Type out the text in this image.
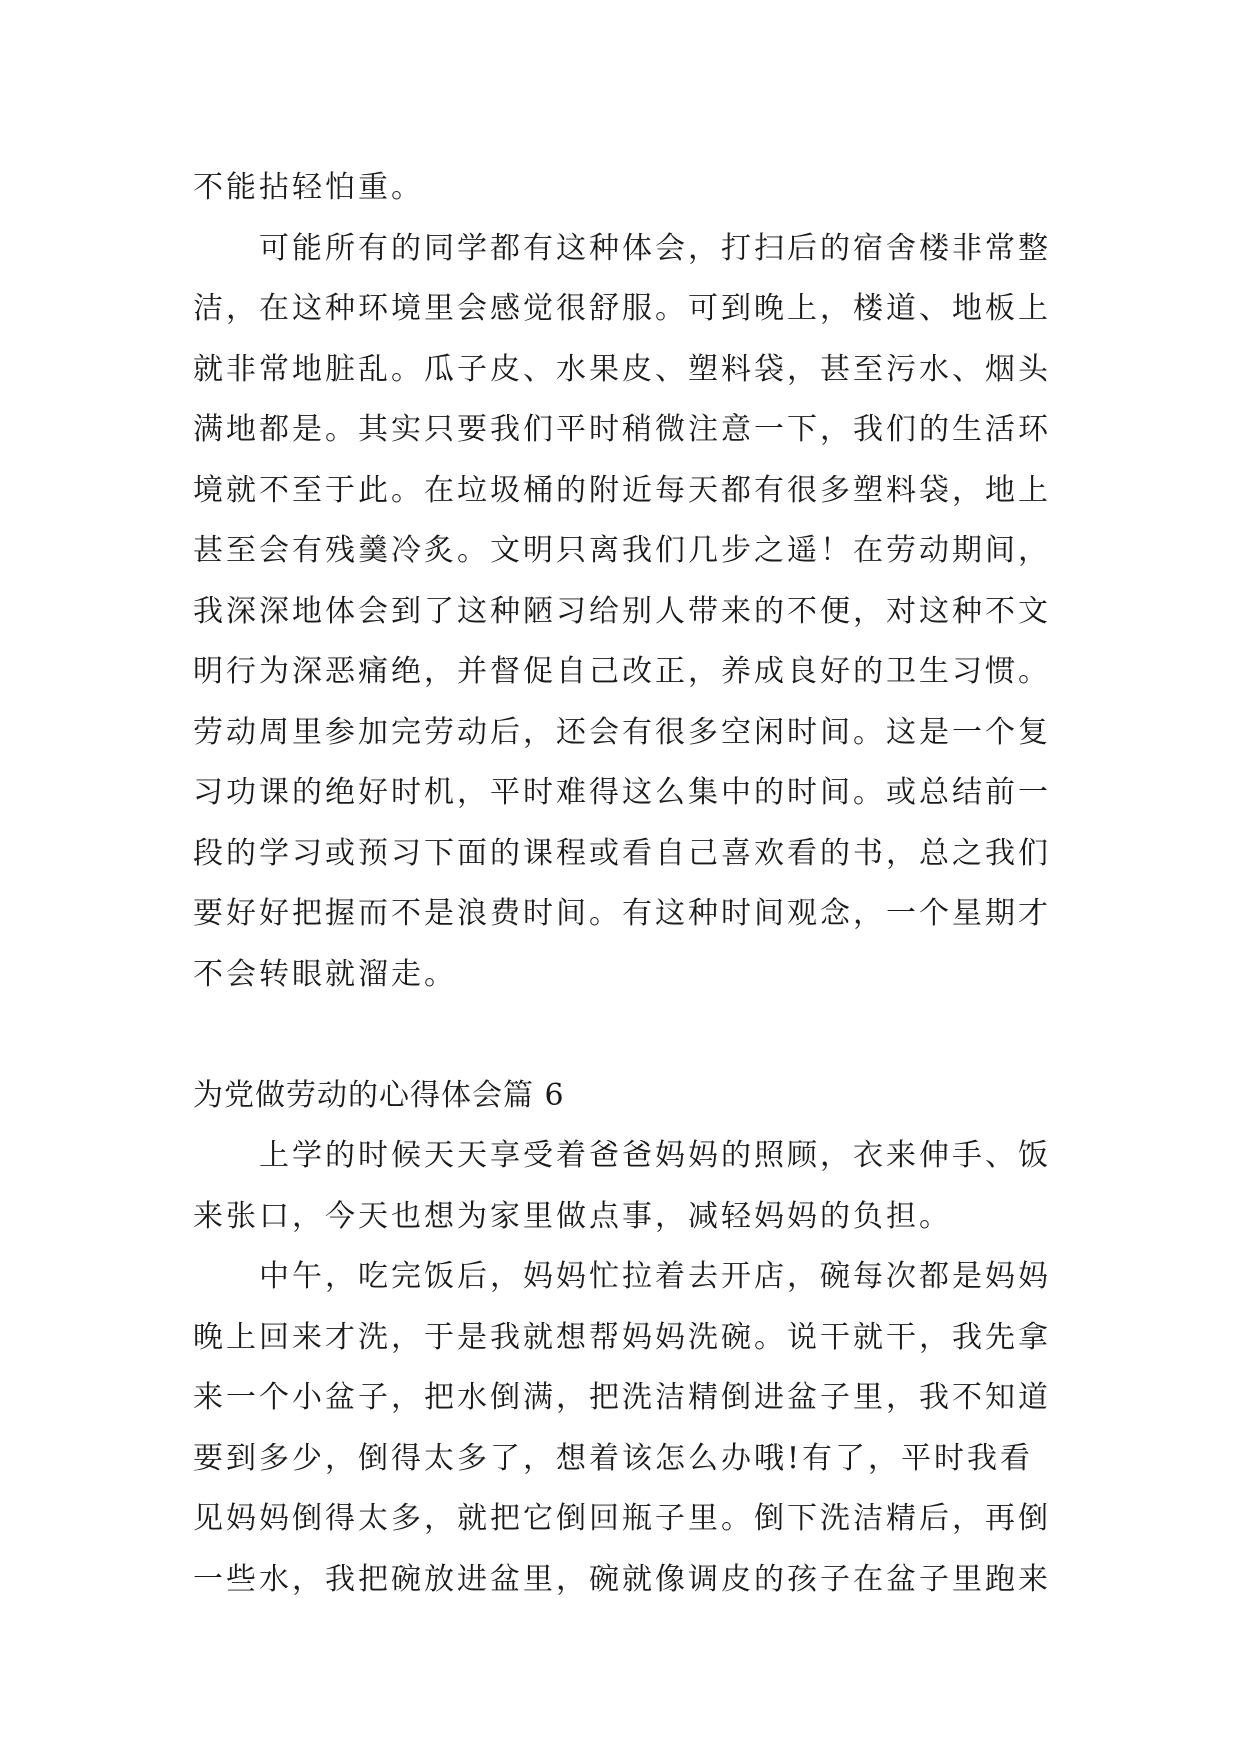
不能拈轻怕重。
　　可能所有的同学都有这种体会，打扫后的宿舍楼非常整
洁，在这种环境里会感觉很舒服。可到晚上，楼道、地板上
就非常地脏乱。瓜子皮、水果皮、塑料袋，甚至污水、烟头
满地都是。其实只要我们平时稍微注意一下，我们的生活环
境就不至于此。在垃圾桶的附近每天都有很多塑料袋，地上
甚至会有残羹冷炙。文明只离我们几步之遥！在劳动期间，
我深深地体会到了这种陋习给别人带来的不便，对这种不文
明行为深恶痛绝，并督促自己改正，养成良好的卫生习惯。
劳动周里参加完劳动后，还会有很多空闲时间。这是一个复
习功课的绝好时机，平时难得这么集中的时间。或总结前一
段的学习或预习下面的课程或看自己喜欢看的书，总之我们
要好好把握而不是浪费时间。有这种时间观念，一个星期才
不会转眼就溜走。
为党做劳动的心得体会篇 6
　　上学的时候天天享受着爸爸妈妈的照顾，衣来伸手、饭
来张口，今天也想为家里做点事，减轻妈妈的负担。
　　中午，吃完饭后，妈妈忙拉着去开店，碗每次都是妈妈
晚上回来才洗，于是我就想帮妈妈洗碗。说干就干，我先拿
来一个小盆子，把水倒满，把洗洁精倒进盆子里，我不知道
要到多少，倒得太多了，想着该怎么办哦!有了，平时我看
见妈妈倒得太多，就把它倒回瓶子里。倒下洗洁精后，再倒
一些水，我把碗放进盆里，碗就像调皮的孩子在盆子里跑来
